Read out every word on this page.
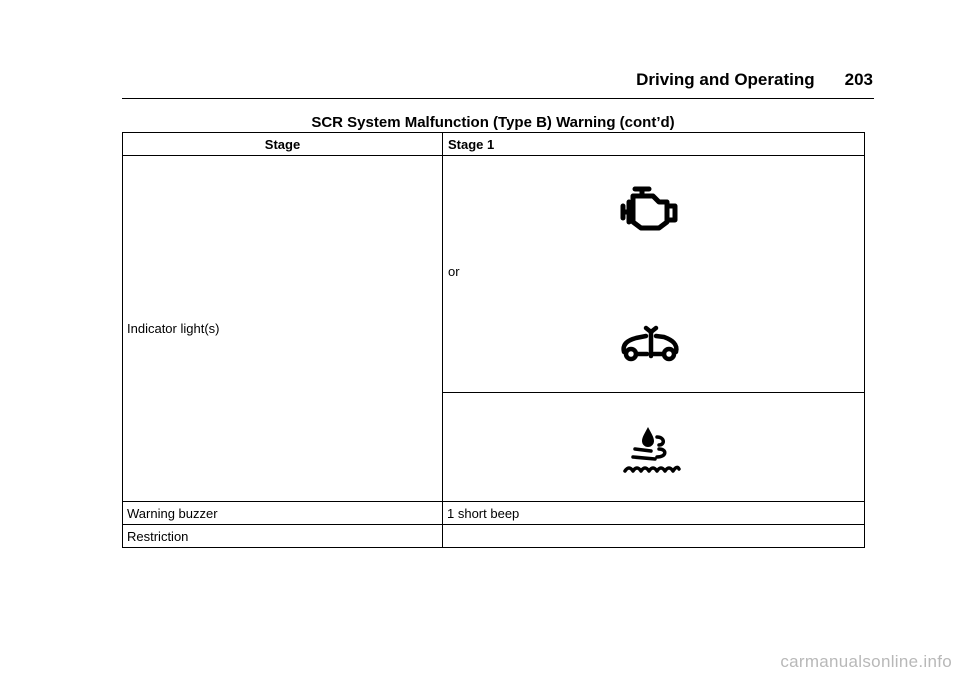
Driving and Operating 203
SCR System Malfunction (Type B) Warning (cont’d)
Stage	Stage 1
Indicator light(s)	or

Warning buzzer	1 short beep
Restriction	
carmanualsonline.info
